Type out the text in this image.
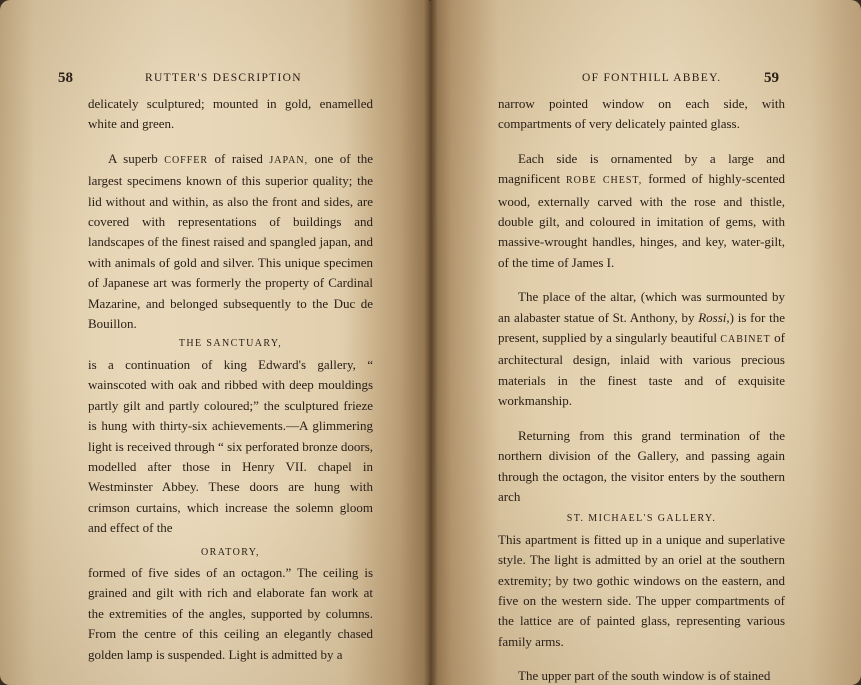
58	RUTTER'S DESCRIPTION

delicately sculptured; mounted in gold, enamelled white and green.

A superb COFFER of raised JAPAN, one of the largest specimens known of this superior quality; the lid without and within, as also the front and sides, are covered with representations of buildings and landscapes of the finest raised and spangled japan, and with animals of gold and silver. This unique specimen of Japanese art was formerly the property of Cardinal Mazarine, and belonged subsequently to the Duc de Bouillon.

THE SANCTUARY,

is a continuation of king Edward's gallery, “ wainscoted with oak and ribbed with deep mouldings partly gilt and partly coloured;” the sculptured frieze is hung with thirty-six achievements.—A glimmering light is received through “ six perforated bronze doors, modelled after those in Henry VII. chapel in Westminster Abbey. These doors are hung with crimson curtains, which increase the solemn gloom and effect of the

ORATORY,

formed of five sides of an octagon.” The ceiling is grained and gilt with rich and elaborate fan work at the extremities of the angles, supported by columns. From the centre of this ceiling an elegantly chased golden lamp is suspended. Light is admitted by a

OF FONTHILL ABBEY.	59

narrow pointed window on each side, with compartments of very delicately painted glass.

Each side is ornamented by a large and magnificent ROBE CHEST, formed of highly-scented wood, externally carved with the rose and thistle, double gilt, and coloured in imitation of gems, with massive-wrought handles, hinges, and key, water-gilt, of the time of James I.

The place of the altar, (which was surmounted by an alabaster statue of St. Anthony, by Rossi,) is for the present, supplied by a singularly beautiful CABINET of architectural design, inlaid with various precious materials in the finest taste and of exquisite workmanship.

Returning from this grand termination of the northern division of the Gallery, and passing again through the octagon, the visitor enters by the southern arch

ST. MICHAEL'S GALLERY.

This apartment is fitted up in a unique and superlative style. The light is admitted by an oriel at the southern extremity; by two gothic windows on the eastern, and five on the western side. The upper compartments of the lattice are of painted glass, representing various family arms.

The upper part of the south window is of stained
